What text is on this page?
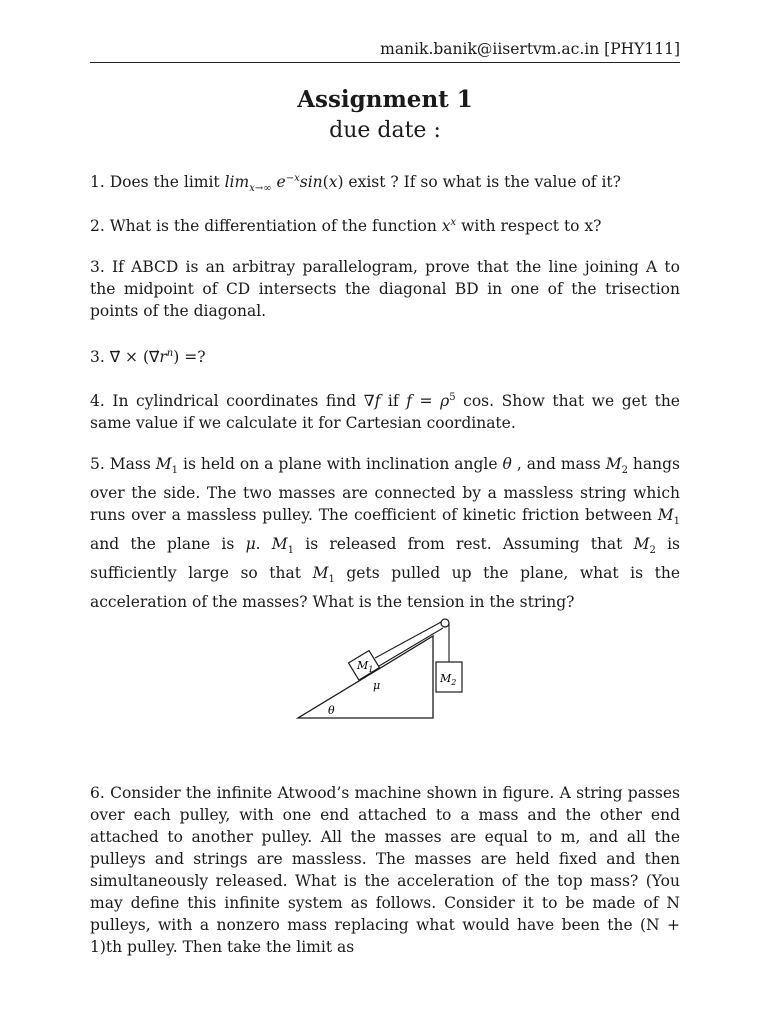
manik.banik@iisertvm.ac.in [PHY111]
Assignment 1
due date :
1. Does the limit $\lim_{x\to\infty} e^{-x}\sin(x)$ exist ? If so what is the value of it?
2. What is the differentiation of the function $x^x$ with respect to x?
3. If ABCD is an arbitray parallelogram, prove that the line joining A to the midpoint of CD intersects the diagonal BD in one of the trisection points of the diagonal.
3. ∇⃗ × $(\nabla⃗r^n)$ =?
4. In cylindrical coordinates find ∇f if $f = \rho^5$ cos. Show that we get the same value if we calculate it for Cartesian coordinate.
5. Mass $M_1$ is held on a plane with inclination angle θ , and mass $M_2$ hangs over the side. The two masses are connected by a massless string which runs over a massless pulley. The coefficient of kinetic friction between $M_1$ and the plane is μ. $M_1$ is released from rest. Assuming that $M_2$ is sufficiently large so that $M_1$ gets pulled up the plane, what is the acceleration of the masses? What is the tension in the string?
$M_1$
$M_2$
μ
θ
6. Consider the infinite Atwood’s machine shown in figure. A string passes over each pulley, with one end attached to a mass and the other end attached to another pulley. All the masses are equal to m, and all the pulleys and strings are massless. The masses are held fixed and then simultaneously released. What is the acceleration of the top mass? (You may define this infinite system as follows. Consider it to be made of N pulleys, with a nonzero mass replacing what would have been the (N + 1)th pulley. Then take the limit as
